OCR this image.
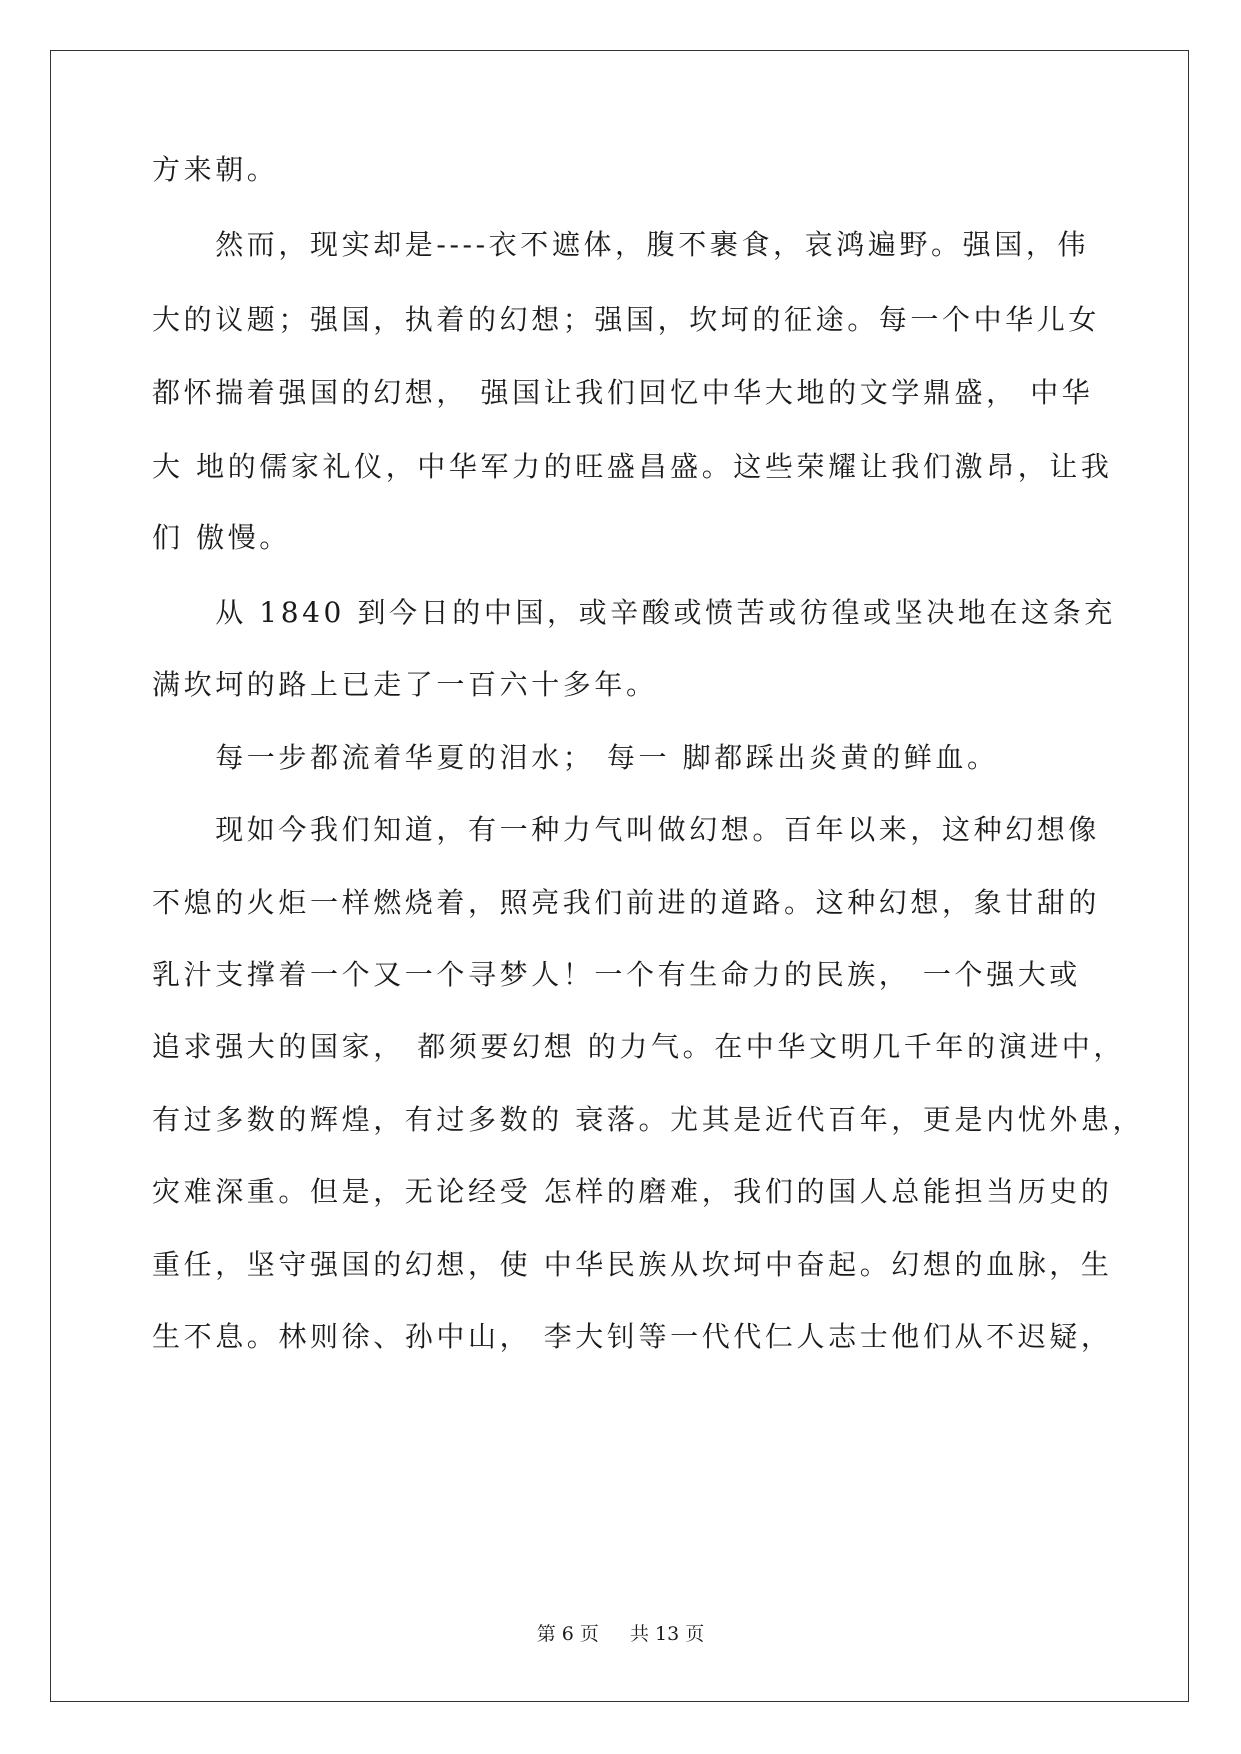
方来朝。
　　然而，现实却是----衣不遮体，腹不裹食，哀鸿遍野。强国，伟
大的议题；强国，执着的幻想；强国，坎坷的征途。每一个中华儿女
都怀揣着强国的幻想， 强国让我们回忆中华大地的文学鼎盛， 中华
大 地的儒家礼仪，中华军力的旺盛昌盛。这些荣耀让我们激昂，让我
们 傲慢。
　　从 1840 到今日的中国，或辛酸或愤苦或彷徨或坚决地在这条充
满坎坷的路上已走了一百六十多年。
　　每一步都流着华夏的泪水； 每一 脚都踩出炎黄的鲜血。
　　现如今我们知道，有一种力气叫做幻想。百年以来，这种幻想像
不熄的火炬一样燃烧着，照亮我们前进的道路。这种幻想，象甘甜的
乳汁支撑着一个又一个寻梦人！一个有生命力的民族， 一个强大或
追求强大的国家， 都须要幻想 的力气。在中华文明几千年的演进中，
有过多数的辉煌，有过多数的 衰落。尤其是近代百年，更是内忧外患，
灾难深重。但是，无论经受 怎样的磨难，我们的国人总能担当历史的
重任，坚守强国的幻想，使 中华民族从坎坷中奋起。幻想的血脉，生
生不息。林则徐、孙中山， 李大钊等一代代仁人志士他们从不迟疑，
第 6 页 　 共 13 页
